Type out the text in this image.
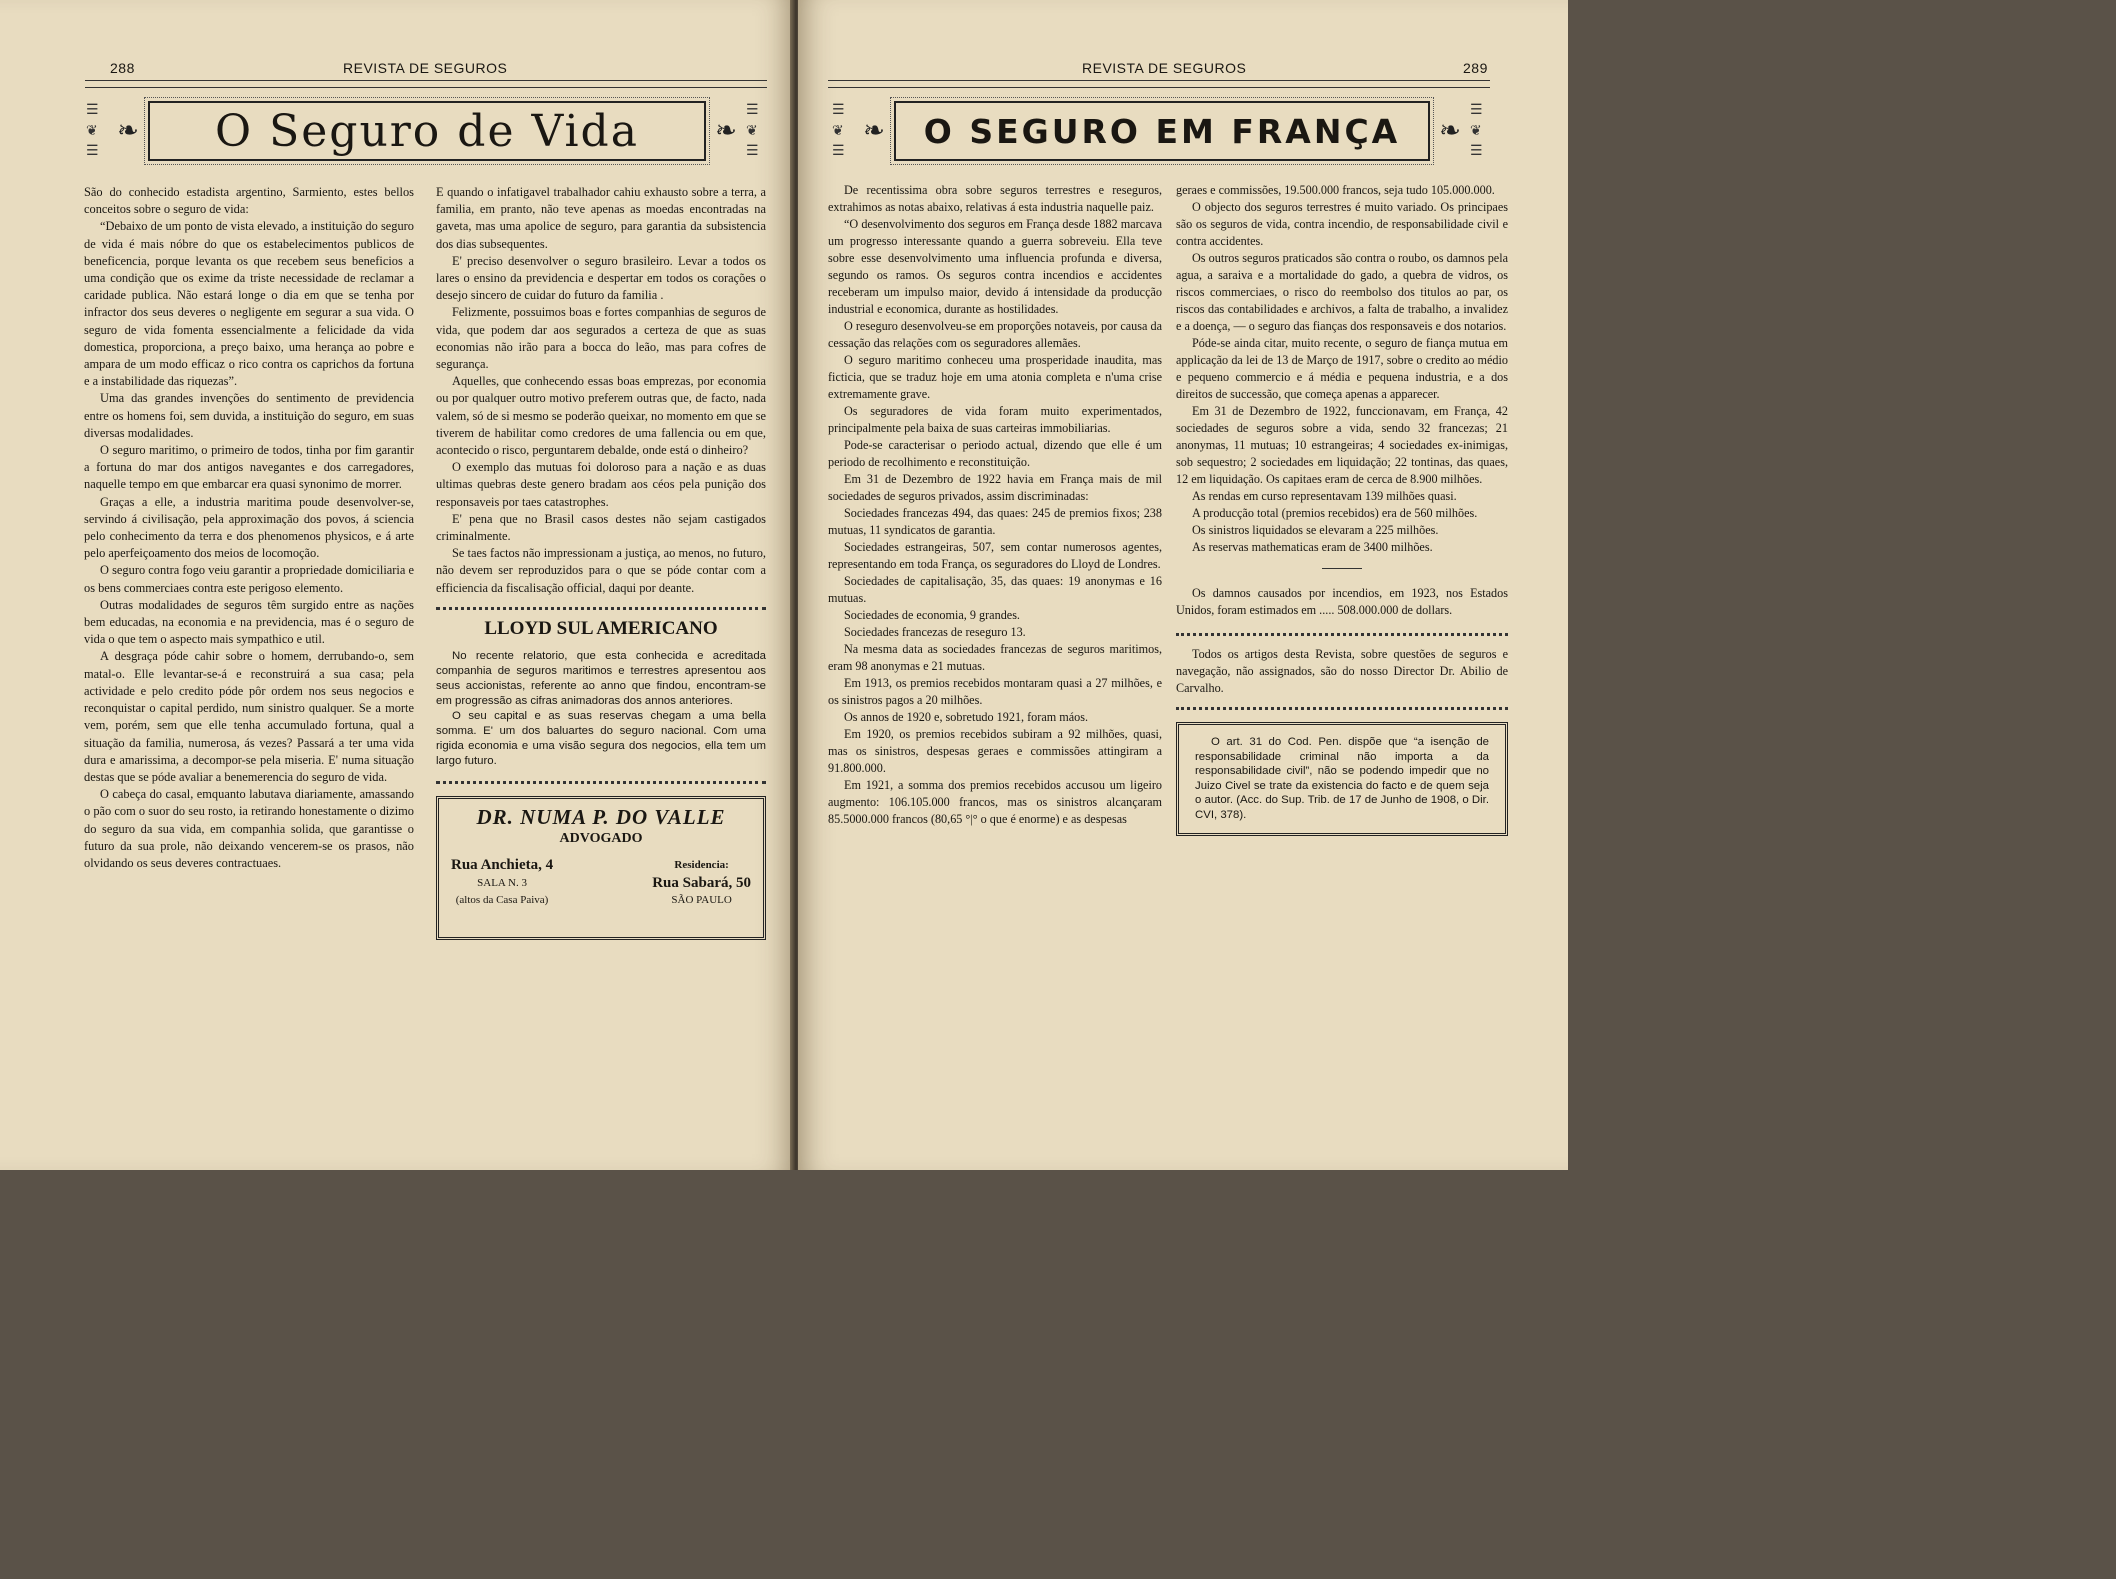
288	REVISTA DE SEGUROS
☰
❦
☰
❧ O Seguro de Vida	❧
☰
❦
☰

São do conhecido estadista argentino, Sarmiento, estes bellos conceitos sobre o seguro de vida:

“Debaixo de um ponto de vista elevado, a instituição do seguro de vida é mais nóbre do que os estabelecimentos publicos de beneficencia, porque levanta os que recebem seus beneficios a uma condição que os exime da triste necessidade de reclamar a caridade publica. Não estará longe o dia em que se tenha por infractor dos seus deveres o negligente em segurar a sua vida. O seguro de vida fomenta essencialmente a felicidade da vida domestica, proporciona, a preço baixo, uma herança ao pobre e ampara de um modo efficaz o rico contra os caprichos da fortuna e a instabilidade das riquezas”.

Uma das grandes invenções do sentimento de previdencia entre os homens foi, sem duvida, a instituição do seguro, em suas diversas modalidades.

O seguro maritimo, o primeiro de todos, tinha por fim garantir a fortuna do mar dos antigos navegantes e dos carregadores, naquelle tempo em que embarcar era quasi synonimo de morrer.

Graças a elle, a industria maritima poude desenvolver-se, servindo á civilisação, pela approximação dos povos, á sciencia pelo conhecimento da terra e dos phenomenos physicos, e á arte pelo aperfeiçoamento dos meios de locomoção.

O seguro contra fogo veiu garantir a propriedade domiciliaria e os bens commerciaes contra este perigoso elemento.

Outras modalidades de seguros têm surgido entre as nações bem educadas, na economia e na previdencia, mas é o seguro de vida o que tem o aspecto mais sympathico e util.

A desgraça póde cahir sobre o homem, derrubando-o, sem matal-o. Elle levantar-se-á e reconstruirá a sua casa; pela actividade e pelo credito póde pôr ordem nos seus negocios e reconquistar o capital perdido, num sinistro qualquer. Se a morte vem, porém, sem que elle tenha accumulado fortuna, qual a situação da familia, numerosa, ás vezes? Passará a ter uma vida dura e amarissima, a decompor-se pela miseria. E' numa situação destas que se póde avaliar a benemerencia do seguro de vida.

O cabeça do casal, emquanto labutava diariamente, amassando o pão com o suor do seu rosto, ia retirando honestamente o dizimo do seguro da sua vida, em companhia solida, que garantisse o futuro da sua prole, não deixando vencerem-se os prasos, não olvidando os seus deveres contractuaes.

E quando o infatigavel trabalhador cahiu exhausto sobre a terra, a familia, em pranto, não teve apenas as moedas encontradas na gaveta, mas uma apolice de seguro, para garantia da subsistencia dos dias subsequentes.

E' preciso desenvolver o seguro brasileiro. Levar a todos os lares o ensino da previdencia e despertar em todos os corações o desejo sincero de cuidar do futuro da familia .

Felizmente, possuimos boas e fortes companhias de seguros de vida, que podem dar aos segurados a certeza de que as suas economias não irão para a bocca do leão, mas para cofres de segurança.

Aquelles, que conhecendo essas boas emprezas, por economia ou por qualquer outro motivo preferem outras que, de facto, nada valem, só de si mesmo se poderão queixar, no momento em que se tiverem de habilitar como credores de uma fallencia ou em que, acontecido o risco, perguntarem debalde, onde está o dinheiro?

O exemplo das mutuas foi doloroso para a nação e as duas ultimas quebras deste genero bradam aos céos pela punição dos responsaveis por taes catastrophes.

E' pena que no Brasil casos destes não sejam castigados criminalmente.

Se taes factos não impressionam a justiça, ao menos, no futuro, não devem ser reproduzidos para o que se póde contar com a efficiencia da fiscalisação official, daqui por deante.

LLOYD SUL AMERICANO

No recente relatorio, que esta conhecida e acreditada companhia de seguros maritimos e terrestres apresentou aos seus accionistas, referente ao anno que findou, encontram-se em progressão as cifras animadoras dos annos anteriores.

O seu capital e as suas reservas chegam a uma bella somma. E' um dos baluartes do seguro nacional. Com uma rigida economia e uma visão segura dos negocios, ella tem um largo futuro.

DR. NUMA P. DO VALLE
ADVOGADO
Rua Anchieta, 4
SALA N. 3
(altos da Casa Paiva)
Residencia:
Rua Sabará, 50
SÃO PAULO
REVISTA DE SEGUROS	289
☰
❦
☰
❧ O SEGURO EM FRANÇA	❧
☰
❦
☰

De recentissima obra sobre seguros terrestres e reseguros, extrahimos as notas abaixo, relativas á esta industria naquelle paiz.

“O desenvolvimento dos seguros em França desde 1882 marcava um progresso interessante quando a guerra sobreveiu. Ella teve sobre esse desenvolvimento uma influencia profunda e diversa, segundo os ramos. Os seguros contra incendios e accidentes receberam um impulso maior, devido á intensidade da producção industrial e economica, durante as hostilidades.

O reseguro desenvolveu-se em proporções notaveis, por causa da cessação das relações com os seguradores allemães.

O seguro maritimo conheceu uma prosperidade inaudita, mas ficticia, que se traduz hoje em uma atonia completa e n'uma crise extremamente grave.

Os seguradores de vida foram muito experimentados, principalmente pela baixa de suas carteiras immobiliarias.

Pode-se caracterisar o periodo actual, dizendo que elle é um periodo de recolhimento e reconstituição.

Em 31 de Dezembro de 1922 havia em França mais de mil sociedades de seguros privados, assim discriminadas:

Sociedades francezas 494, das quaes: 245 de premios fixos; 238 mutuas, 11 syndicatos de garantia.

Sociedades estrangeiras, 507, sem contar numerosos agentes, representando em toda França, os seguradores do Lloyd de Londres.

Sociedades de capitalisação, 35, das quaes: 19 anonymas e 16 mutuas.

Sociedades de economia, 9 grandes.

Sociedades francezas de reseguro 13.

Na mesma data as sociedades francezas de seguros maritimos, eram 98 anonymas e 21 mutuas.

Em 1913, os premios recebidos montaram quasi a 27 milhões, e os sinistros pagos a 20 milhões.

Os annos de 1920 e, sobretudo 1921, foram máos.

Em 1920, os premios recebidos subiram a 92 milhões, quasi, mas os sinistros, despesas geraes e commissões attingiram a 91.800.000.

Em 1921, a somma dos premios recebidos accusou um ligeiro augmento: 106.105.000 francos, mas os sinistros alcançaram 85.5000.000 francos (80,65 °|° o que é enorme) e as despesas

geraes e commissões, 19.500.000 francos, seja tudo 105.000.000.

O objecto dos seguros terrestres é muito variado. Os principaes são os seguros de vida, contra incendio, de responsabilidade civil e contra accidentes.

Os outros seguros praticados são contra o roubo, os damnos pela agua, a saraiva e a mortalidade do gado, a quebra de vidros, os riscos commerciaes, o risco do reembolso dos titulos ao par, os riscos das contabilidades e archivos, a falta de trabalho, a invalidez e a doença, — o seguro das fianças dos responsaveis e dos notarios.

Póde-se ainda citar, muito recente, o seguro de fiança mutua em applicação da lei de 13 de Março de 1917, sobre o credito ao médio e pequeno commercio e á média e pequena industria, e a dos direitos de successão, que começa apenas a apparecer.

Em 31 de Dezembro de 1922, funccionavam, em França, 42 sociedades de seguros sobre a vida, sendo 32 francezas; 21 anonymas, 11 mutuas; 10 estrangeiras; 4 sociedades ex-inimigas, sob sequestro; 2 sociedades em liquidação; 22 tontinas, das quaes, 12 em liquidação. Os capitaes eram de cerca de 8.900 milhões.

As rendas em curso representavam 139 milhões quasi.

A producção total (premios recebidos) era de 560 milhões.

Os sinistros liquidados se elevaram a 225 milhões.

As reservas mathematicas eram de 3400 milhões.

Os damnos causados por incendios, em 1923, nos Estados Unidos, foram estimados em ..... 508.000.000 de dollars.

Todos os artigos desta Revista, sobre questões de seguros e navegação, não assignados, são do nosso Director Dr. Abilio de Carvalho.

O art. 31 do Cod. Pen. dispõe que “a isenção de responsabilidade criminal não importa a da responsabilidade civil”, não se podendo impedir que no Juizo Civel se trate da existencia do facto e de quem seja o autor. (Acc. do Sup. Trib. de 17 de Junho de 1908, o Dir. CVI, 378).
